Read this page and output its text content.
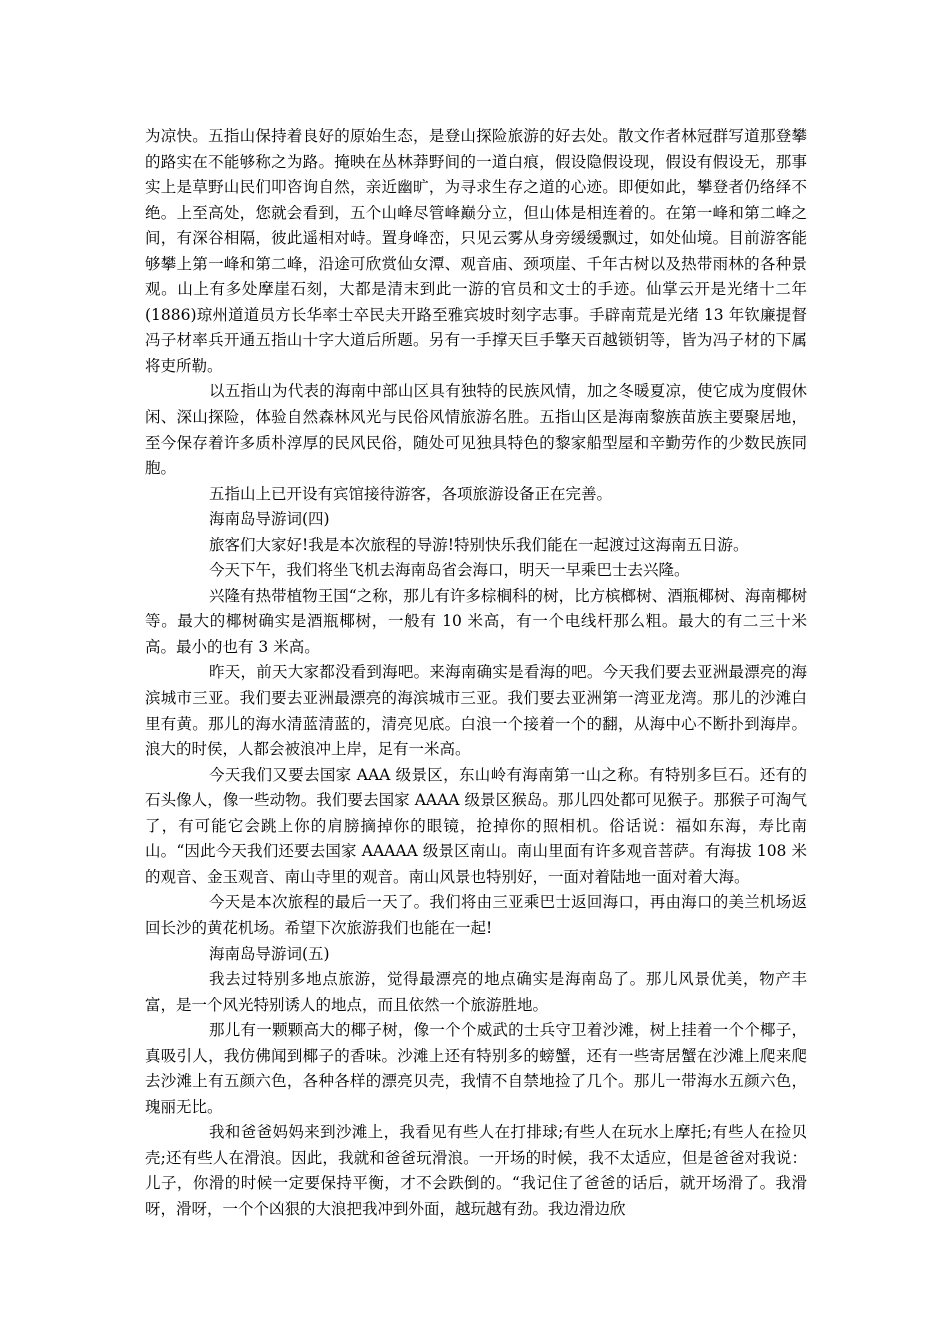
为凉快。五指山保持着良好的原始生态，是登山探险旅游的好去处。散文作者林冠群写道那登攀的路实在不能够称之为路。掩映在丛林莽野间的一道白痕，假设隐假设现，假设有假设无，那事实上是草野山民们叩咨询自然，亲近幽旷，为寻求生存之道的心迹。即便如此，攀登者仍络绎不绝。上至高处，您就会看到，五个山峰尽管峰巅分立，但山体是相连着的。在第一峰和第二峰之间，有深谷相隔，彼此遥相对峙。置身峰峦，只见云雾从身旁缓缓飘过，如处仙境。目前游客能够攀上第一峰和第二峰，沿途可欣赏仙女潭、观音庙、颈项崖、千年古树以及热带雨林的各种景观。山上有多处摩崖石刻，大都是清末到此一游的官员和文士的手迹。仙掌云开是光绪十二年(1886)琼州道道员方长华率士卒民夫开路至雅宾坡时刻字志事。手辟南荒是光绪 13 年钦廉提督冯子材率兵开通五指山十字大道后所题。另有一手撑天巨手擎天百越锁钥等，皆为冯子材的下属将吏所勒。

以五指山为代表的海南中部山区具有独特的民族风情，加之冬暖夏凉，使它成为度假休闲、深山探险，体验自然森林风光与民俗风情旅游名胜。五指山区是海南黎族苗族主要聚居地，至今保存着许多质朴淳厚的民风民俗，随处可见独具特色的黎家船型屋和辛勤劳作的少数民族同胞。

五指山上已开设有宾馆接待游客，各项旅游设备正在完善。

海南岛导游词(四)

旅客们大家好!我是本次旅程的导游!特别快乐我们能在一起渡过这海南五日游。

今天下午，我们将坐飞机去海南岛省会海口，明天一早乘巴士去兴隆。

兴隆有热带植物王国“之称，那儿有许多棕榈科的树，比方槟榔树、酒瓶椰树、海南椰树等。最大的椰树确实是酒瓶椰树，一般有 10 米高，有一个电线杆那么粗。最大的有二三十米高。最小的也有 3 米高。

昨天，前天大家都没看到海吧。来海南确实是看海的吧。今天我们要去亚洲最漂亮的海滨城市三亚。我们要去亚洲最漂亮的海滨城市三亚。我们要去亚洲第一湾亚龙湾。那儿的沙滩白里有黄。那儿的海水清蓝清蓝的，清亮见底。白浪一个接着一个的翻，从海中心不断扑到海岸。浪大的时侯，人都会被浪冲上岸，足有一米高。

今天我们又要去国家 AAA 级景区，东山岭有海南第一山之称。有特别多巨石。还有的石头像人，像一些动物。我们要去国家 AAAA 级景区猴岛。那儿四处都可见猴子。那猴子可淘气了，有可能它会跳上你的肩膀摘掉你的眼镜，抢掉你的照相机。俗话说：福如东海，寿比南山。“因此今天我们还要去国家 AAAAA 级景区南山。南山里面有许多观音菩萨。有海拔 108 米的观音、金玉观音、南山寺里的观音。南山风景也特别好，一面对着陆地一面对着大海。

今天是本次旅程的最后一天了。我们将由三亚乘巴士返回海口，再由海口的美兰机场返回长沙的黄花机场。希望下次旅游我们也能在一起!

海南岛导游词(五)

我去过特别多地点旅游，觉得最漂亮的地点确实是海南岛了。那儿风景优美，物产丰富，是一个风光特别诱人的地点，而且依然一个旅游胜地。

那儿有一颗颗高大的椰子树，像一个个威武的士兵守卫着沙滩，树上挂着一个个椰子，真吸引人，我仿佛闻到椰子的香味。沙滩上还有特别多的螃蟹，还有一些寄居蟹在沙滩上爬来爬去沙滩上有五颜六色，各种各样的漂亮贝壳，我情不自禁地捡了几个。那儿一带海水五颜六色，瑰丽无比。

我和爸爸妈妈来到沙滩上，我看见有些人在打排球;有些人在玩水上摩托;有些人在捡贝壳;还有些人在滑浪。因此，我就和爸爸玩滑浪。一开场的时候，我不太适应，但是爸爸对我说：儿子，你滑的时候一定要保持平衡，才不会跌倒的。“我记住了爸爸的话后，就开场滑了。我滑呀，滑呀，一个个凶狠的大浪把我冲到外面，越玩越有劲。我边滑边欣
